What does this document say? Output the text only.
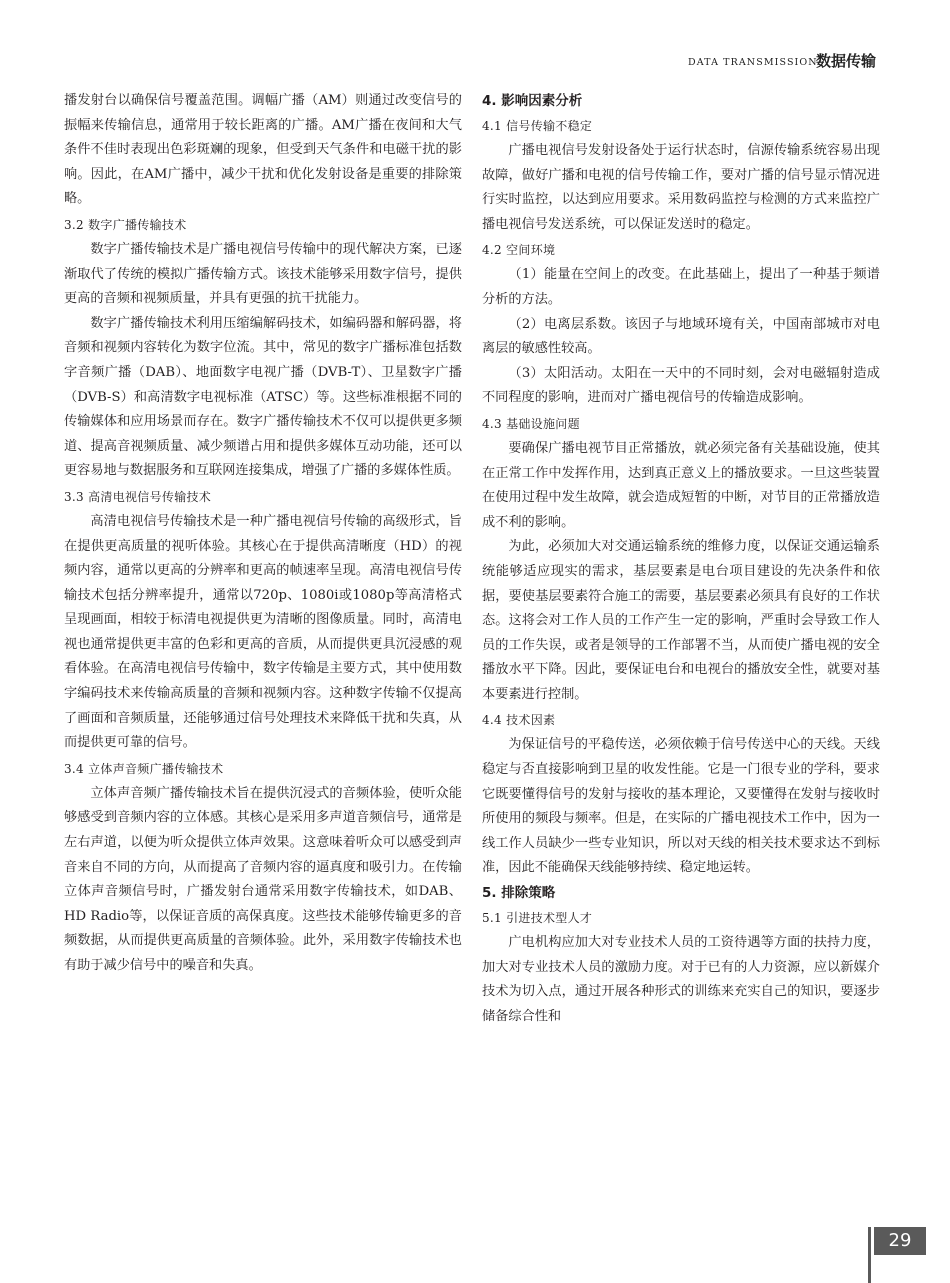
DATA TRANSMISSION
数据传输

播发射台以确保信号覆盖范围。调幅广播（AM）则通过改变信号的振幅来传输信息，通常用于较长距离的广播。AM广播在夜间和大气条件不佳时表现出色彩斑斓的现象，但受到天气条件和电磁干扰的影响。因此，在AM广播中，减少干扰和优化发射设备是重要的排除策略。

3.2 数字广播传输技术

数字广播传输技术是广播电视信号传输中的现代解决方案，已逐渐取代了传统的模拟广播传输方式。该技术能够采用数字信号，提供更高的音频和视频质量，并具有更强的抗干扰能力。

数字广播传输技术利用压缩编解码技术，如编码器和解码器，将音频和视频内容转化为数字位流。其中，常见的数字广播标准包括数字音频广播（DAB）、地面数字电视广播（DVB-T）、卫星数字广播（DVB-S）和高清数字电视标准（ATSC）等。这些标准根据不同的传输媒体和应用场景而存在。数字广播传输技术不仅可以提供更多频道、提高音视频质量、减少频谱占用和提供多媒体互动功能，还可以更容易地与数据服务和互联网连接集成，增强了广播的多媒体性质。

3.3 高清电视信号传输技术

高清电视信号传输技术是一种广播电视信号传输的高级形式，旨在提供更高质量的视听体验。其核心在于提供高清晰度（HD）的视频内容，通常以更高的分辨率和更高的帧速率呈现。高清电视信号传输技术包括分辨率提升，通常以720p、1080i或1080p等高清格式呈现画面，相较于标清电视提供更为清晰的图像质量。同时，高清电视也通常提供更丰富的色彩和更高的音质，从而提供更具沉浸感的观看体验。在高清电视信号传输中，数字传输是主要方式，其中使用数字编码技术来传输高质量的音频和视频内容。这种数字传输不仅提高了画面和音频质量，还能够通过信号处理技术来降低干扰和失真，从而提供更可靠的信号。

3.4 立体声音频广播传输技术

立体声音频广播传输技术旨在提供沉浸式的音频体验，使听众能够感受到音频内容的立体感。其核心是采用多声道音频信号，通常是左右声道，以便为听众提供立体声效果。这意味着听众可以感受到声音来自不同的方向，从而提高了音频内容的逼真度和吸引力。在传输立体声音频信号时，广播发射台通常采用数字传输技术，如DAB、HD Radio等，以保证音质的高保真度。这些技术能够传输更多的音频数据，从而提供更高质量的音频体验。此外，采用数字传输技术也有助于减少信号中的噪音和失真。

4. 影响因素分析
4.1 信号传输不稳定

广播电视信号发射设备处于运行状态时，信源传输系统容易出现故障，做好广播和电视的信号传输工作，要对广播的信号显示情况进行实时监控，以达到应用要求。采用数码监控与检测的方式来监控广播电视信号发送系统，可以保证发送时的稳定。

4.2 空间环境

（1）能量在空间上的改变。在此基础上，提出了一种基于频谱分析的方法。

（2）电离层系数。该因子与地域环境有关，中国南部城市对电离层的敏感性较高。

（3）太阳活动。太阳在一天中的不同时刻，会对电磁辐射造成不同程度的影响，进而对广播电视信号的传输造成影响。

4.3 基础设施问题

要确保广播电视节目正常播放，就必须完备有关基础设施，使其在正常工作中发挥作用，达到真正意义上的播放要求。一旦这些装置在使用过程中发生故障，就会造成短暂的中断，对节目的正常播放造成不利的影响。

为此，必须加大对交通运输系统的维修力度，以保证交通运输系统能够适应现实的需求，基层要素是电台项目建设的先决条件和依据，要使基层要素符合施工的需要，基层要素必须具有良好的工作状态。这将会对工作人员的工作产生一定的影响，严重时会导致工作人员的工作失误，或者是领导的工作部署不当，从而使广播电视的安全播放水平下降。因此，要保证电台和电视台的播放安全性，就要对基本要素进行控制。

4.4 技术因素

为保证信号的平稳传送，必须依赖于信号传送中心的天线。天线稳定与否直接影响到卫星的收发性能。它是一门很专业的学科，要求它既要懂得信号的发射与接收的基本理论，又要懂得在发射与接收时所使用的频段与频率。但是，在实际的广播电视技术工作中，因为一线工作人员缺少一些专业知识，所以对天线的相关技术要求达不到标准，因此不能确保天线能够持续、稳定地运转。

5. 排除策略
5.1 引进技术型人才

广电机构应加大对专业技术人员的工资待遇等方面的扶持力度，加大对专业技术人员的激励力度。对于已有的人力资源，应以新媒介技术为切入点，通过开展各种形式的训练来充实自己的知识，要逐步储备综合性和

29
